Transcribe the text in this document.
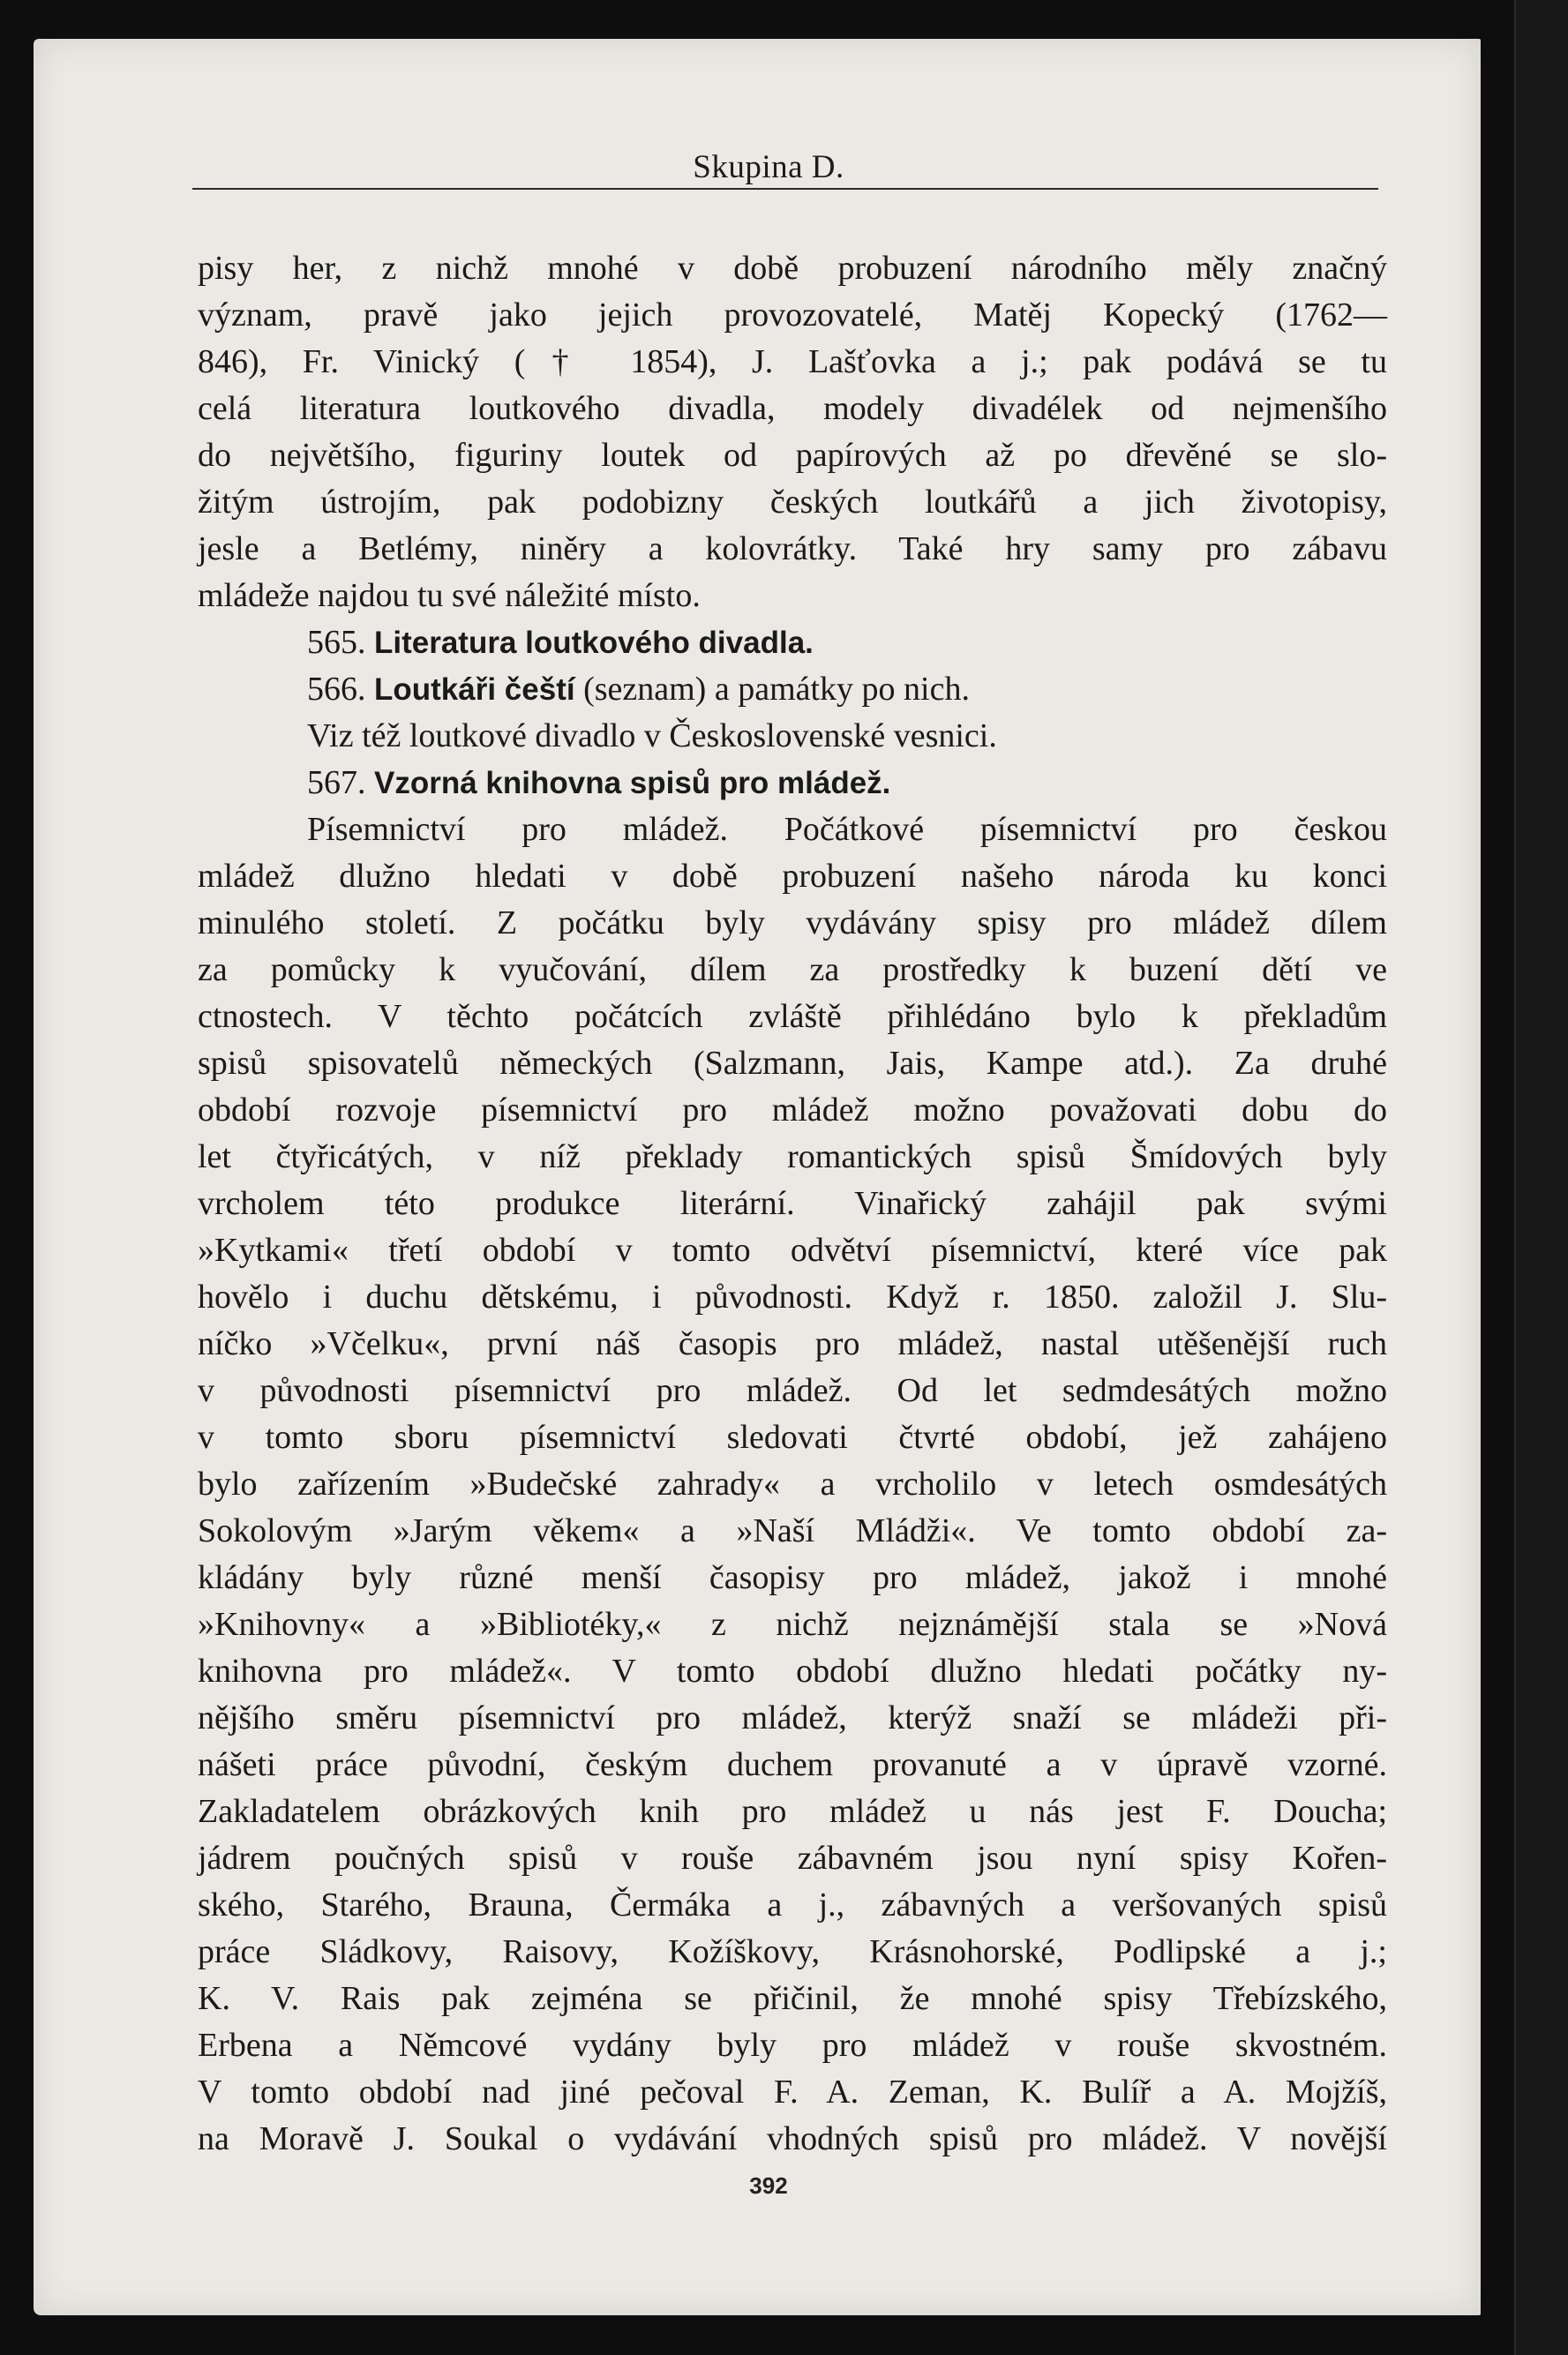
Skupina D.
pisy her, z nichž mnohé v době probuzení národního měly značný
význam, pravě jako jejich provozovatelé, Matěj Kopecký (1762—
846), Fr. Vinický († 1854), J. Lašťovka a j.; pak podává se tu
celá literatura loutkového divadla, modely divadélek od nejmenšího
do největšího, figuriny loutek od papírových až po dřevěné se slo-
žitým ústrojím, pak podobizny českých loutkářů a jich životopisy,
jesle a Betlémy, niněry a kolovrátky. Také hry samy pro zábavu
mládeže najdou tu své náležité místo.
565. Literatura loutkového divadla.
566. Loutkáři čeští (seznam) a památky po nich.
Viz též loutkové divadlo v Československé vesnici.
567. Vzorná knihovna spisů pro mládež.
Písemnictví pro mládež. Počátkové písemnictví pro českou
mládež dlužno hledati v době probuzení našeho národa ku konci
minulého století. Z počátku byly vydávány spisy pro mládež dílem
za pomůcky k vyučování, dílem za prostředky k buzení dětí ve
ctnostech. V těchto počátcích zvláště přihlédáno bylo k překladům
spisů spisovatelů německých (Salzmann, Jais, Kampe atd.). Za druhé
období rozvoje písemnictví pro mládež možno považovati dobu do
let čtyřicátých, v níž překlady romantických spisů Šmídových byly
vrcholem této produkce literární. Vinařický zahájil pak svými
»Kytkami« třetí období v tomto odvětví písemnictví, které více pak
hovělo i duchu dětskému, i původnosti. Když r. 1850. založil J. Slu-
níčko »Včelku«, první náš časopis pro mládež, nastal utěšenější ruch
v původnosti písemnictví pro mládež. Od let sedmdesátých možno
v tomto sboru písemnictví sledovati čtvrté období, jež zahájeno
bylo zařízením »Budečské zahrady« a vrcholilo v letech osmdesátých
Sokolovým »Jarým věkem« a »Naší Mládži«. Ve tomto období za-
kládány byly různé menší časopisy pro mládež, jakož i mnohé
»Knihovny« a »Bibliotéky,« z nichž nejznámější stala se »Nová
knihovna pro mládež«. V tomto období dlužno hledati počátky ny-
nějšího směru písemnictví pro mládež, kterýž snaží se mládeži při-
nášeti práce původní, českým duchem provanuté a v úpravě vzorné.
Zakladatelem obrázkových knih pro mládež u nás jest F. Doucha;
jádrem poučných spisů v rouše zábavném jsou nyní spisy Kořen-
ského, Starého, Brauna, Čermáka a j., zábavných a veršovaných spisů
práce Sládkovy, Raisovy, Kožíškovy, Krásnohorské, Podlipské a j.;
K. V. Rais pak zejména se přičinil, že mnohé spisy Třebízského,
Erbena a Němcové vydány byly pro mládež v rouše skvostném.
V tomto období nad jiné pečoval F. A. Zeman, K. Bulíř a A. Mojžíš,
na Moravě J. Soukal o vydávání vhodných spisů pro mládež. V novější
392
